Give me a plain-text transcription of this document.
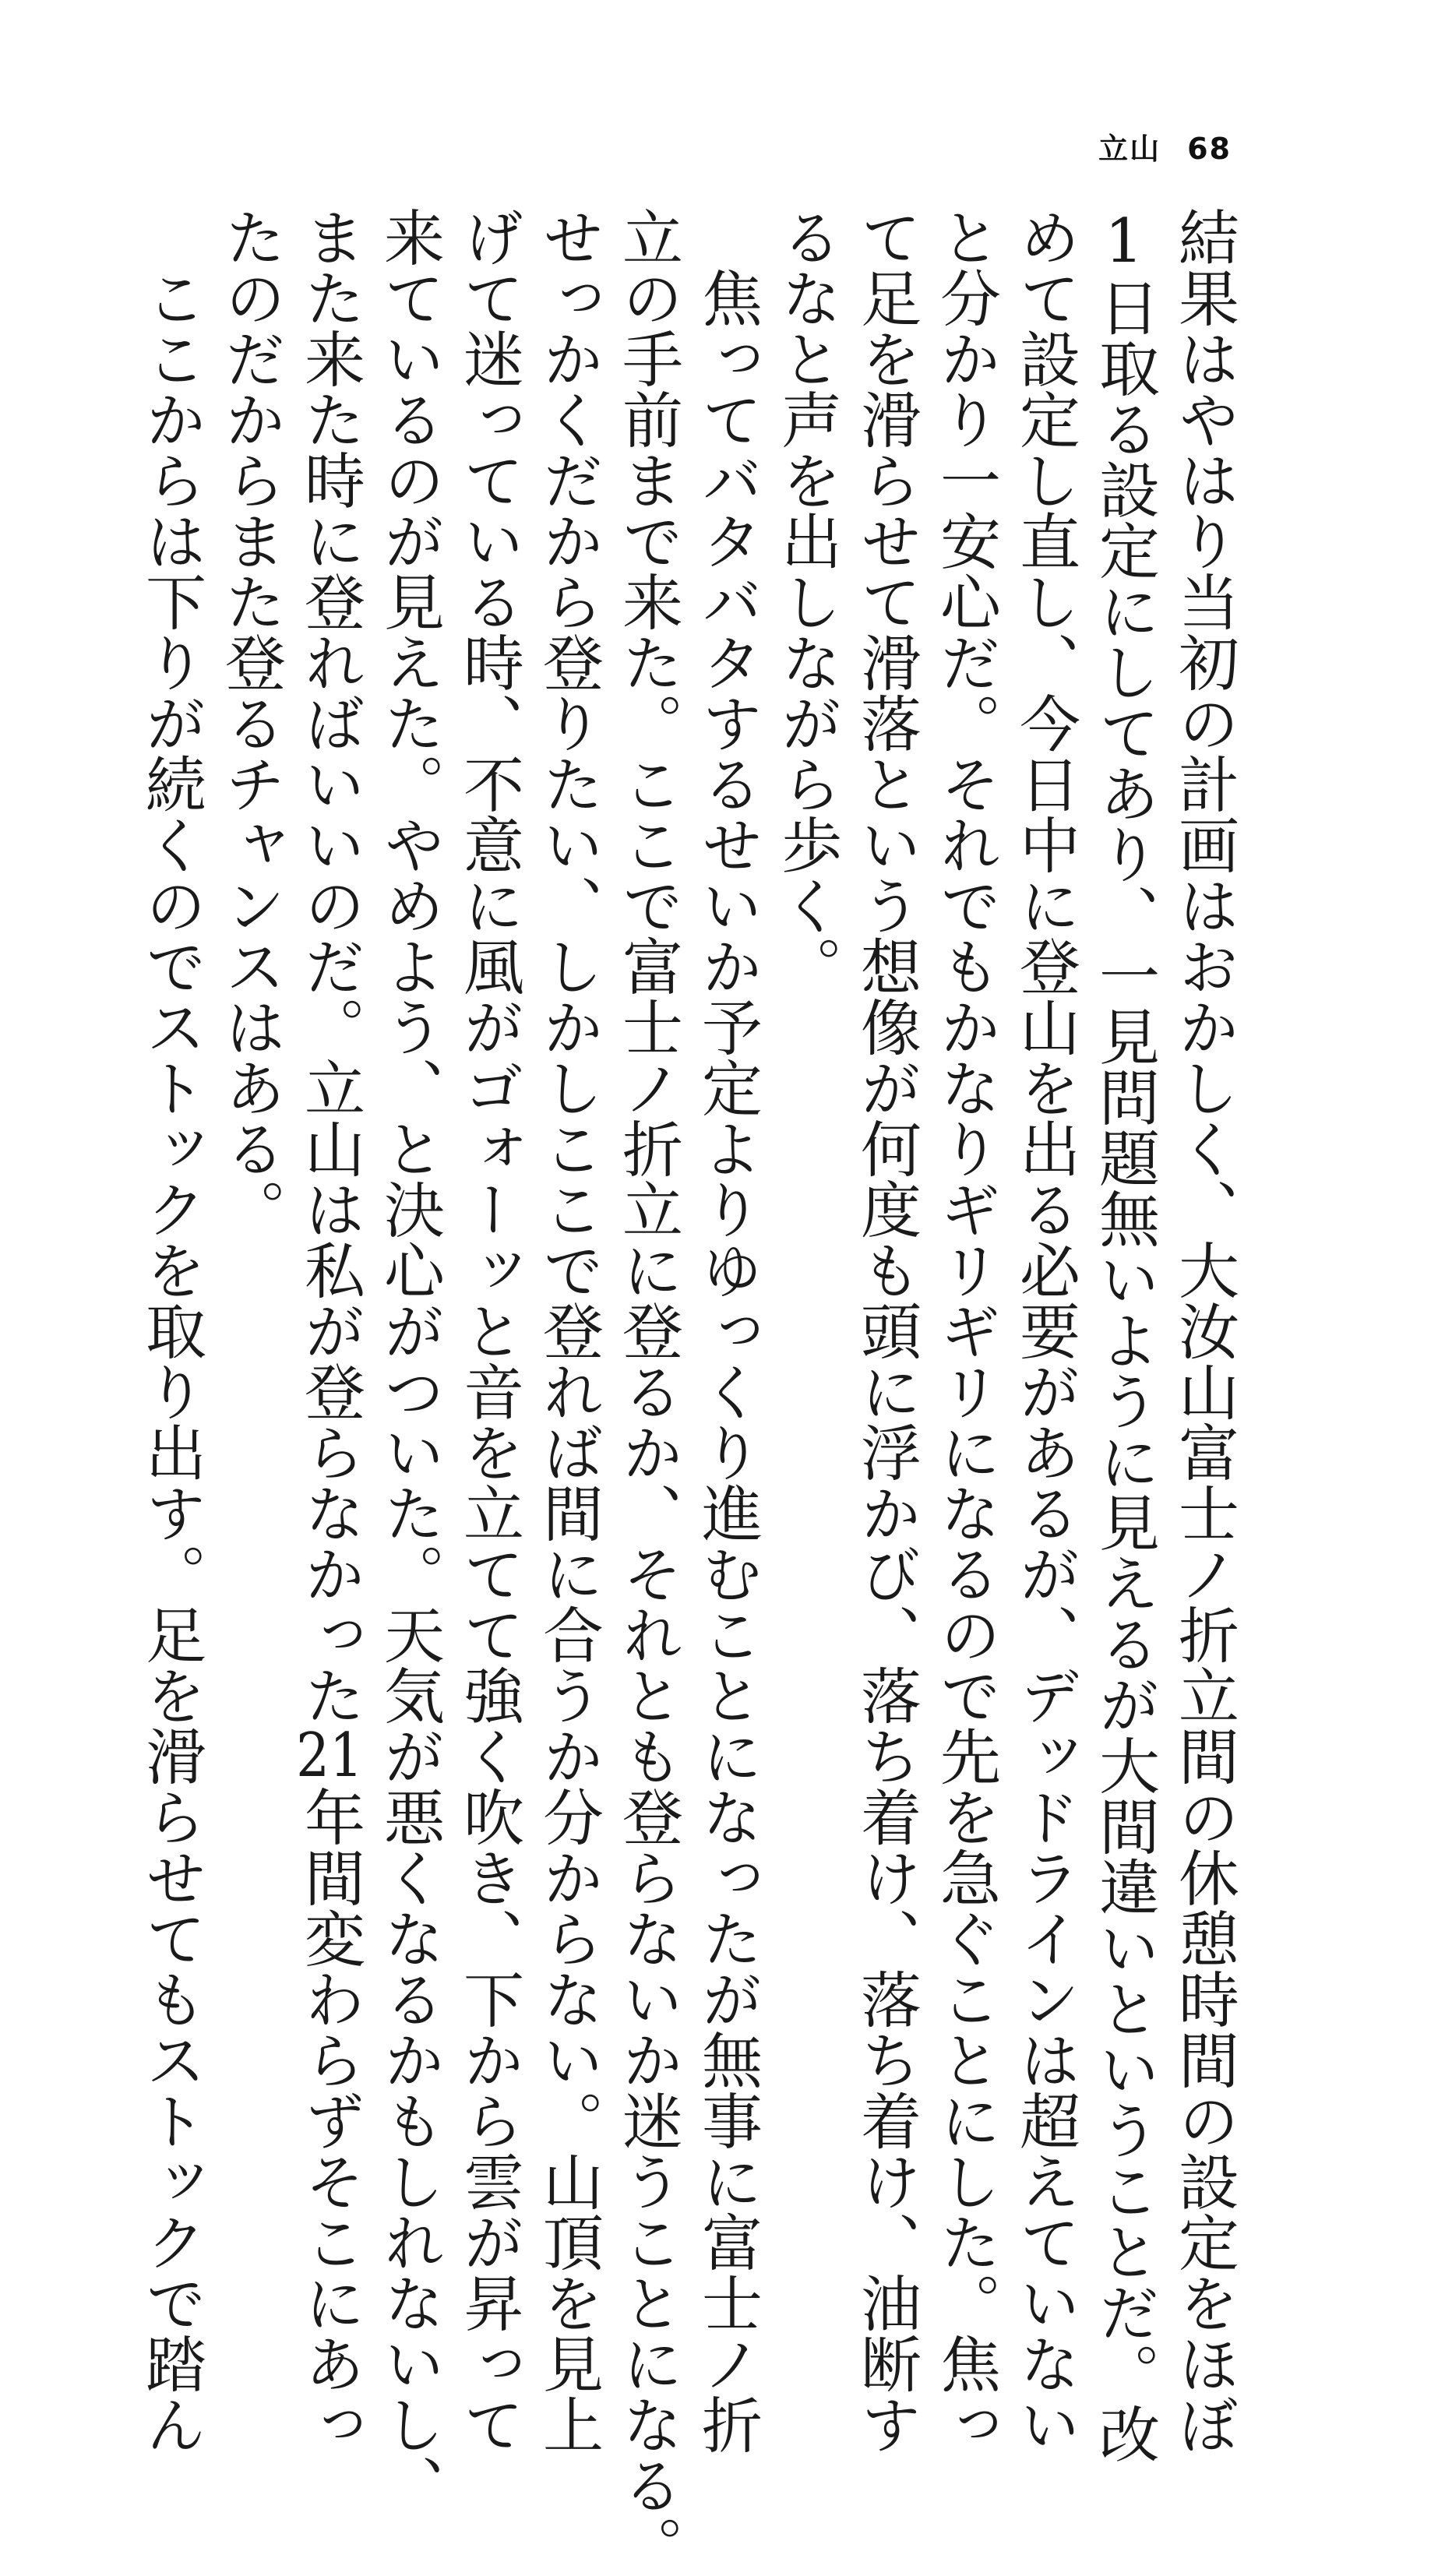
立山 68
結果はやはり当初の計画はおかしく、大汝山富士ノ折立間の休憩時間の設定をほぼ
1日取る設定にしてあり、一見問題無いように見えるが大間違いということだ。改
めて設定し直し、今日中に登山を出る必要があるが、デッドラインは超えていない
と分かり一安心だ。それでもかなりギリギリになるので先を急ぐことにした。焦っ
て足を滑らせて滑落という想像が何度も頭に浮かび、落ち着け、落ち着け、油断す
るなと声を出しながら歩く。
焦ってバタバタするせいか予定よりゆっくり進むことになったが無事に富士ノ折
立の手前まで来た。ここで富士ノ折立に登るか、それとも登らないか迷うことになる。
せっかくだから登りたい、しかしここで登れば間に合うか分からない。山頂を見上
げて迷っている時、不意に風がゴォーッと音を立てて強く吹き、下から雲が昇って
来ているのが見えた。やめよう、と決心がついた。天気が悪くなるかもしれないし、
また来た時に登ればいいのだ。立山は私が登らなかった21年間変わらずそこにあっ
たのだからまた登るチャンスはある。
ここからは下りが続くのでストックを取り出す。足を滑らせてもストックで踏ん
